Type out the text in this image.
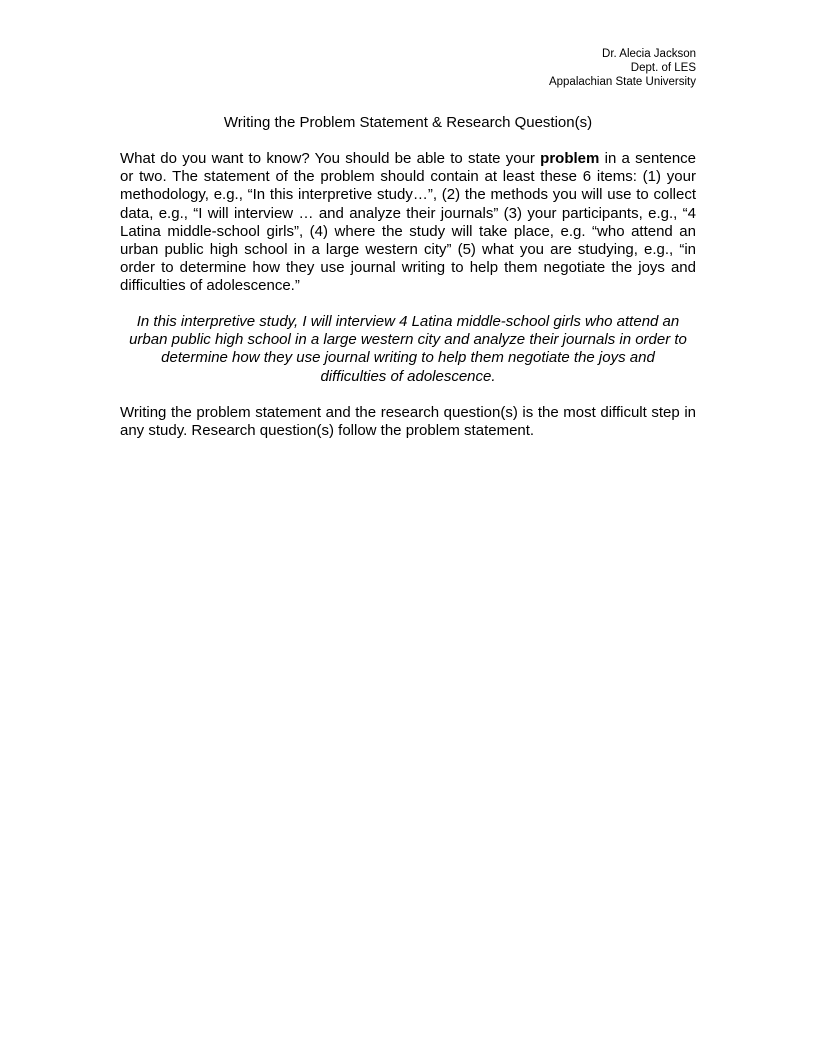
Dr. Alecia Jackson
Dept. of LES
Appalachian State University
Writing the Problem Statement & Research Question(s)

What do you want to know? You should be able to state your problem in a sentence or two. The statement of the problem should contain at least these 6 items: (1) your methodology, e.g., “In this interpretive study…”, (2) the methods you will use to collect data, e.g., “I will interview … and analyze their journals” (3) your participants, e.g., “4 Latina middle-school girls”, (4) where the study will take place, e.g. “who attend an urban public high school in a large western city” (5) what you are studying, e.g., “in order to determine how they use journal writing to help them negotiate the joys and difficulties of adolescence.”

In this interpretive study, I will interview 4 Latina middle-school girls who attend an urban public high school in a large western city and analyze their journals in order to determine how they use journal writing to help them negotiate the joys and difficulties of adolescence.

Writing the problem statement and the research question(s) is the most difficult step in any study. Research question(s) follow the problem statement.
